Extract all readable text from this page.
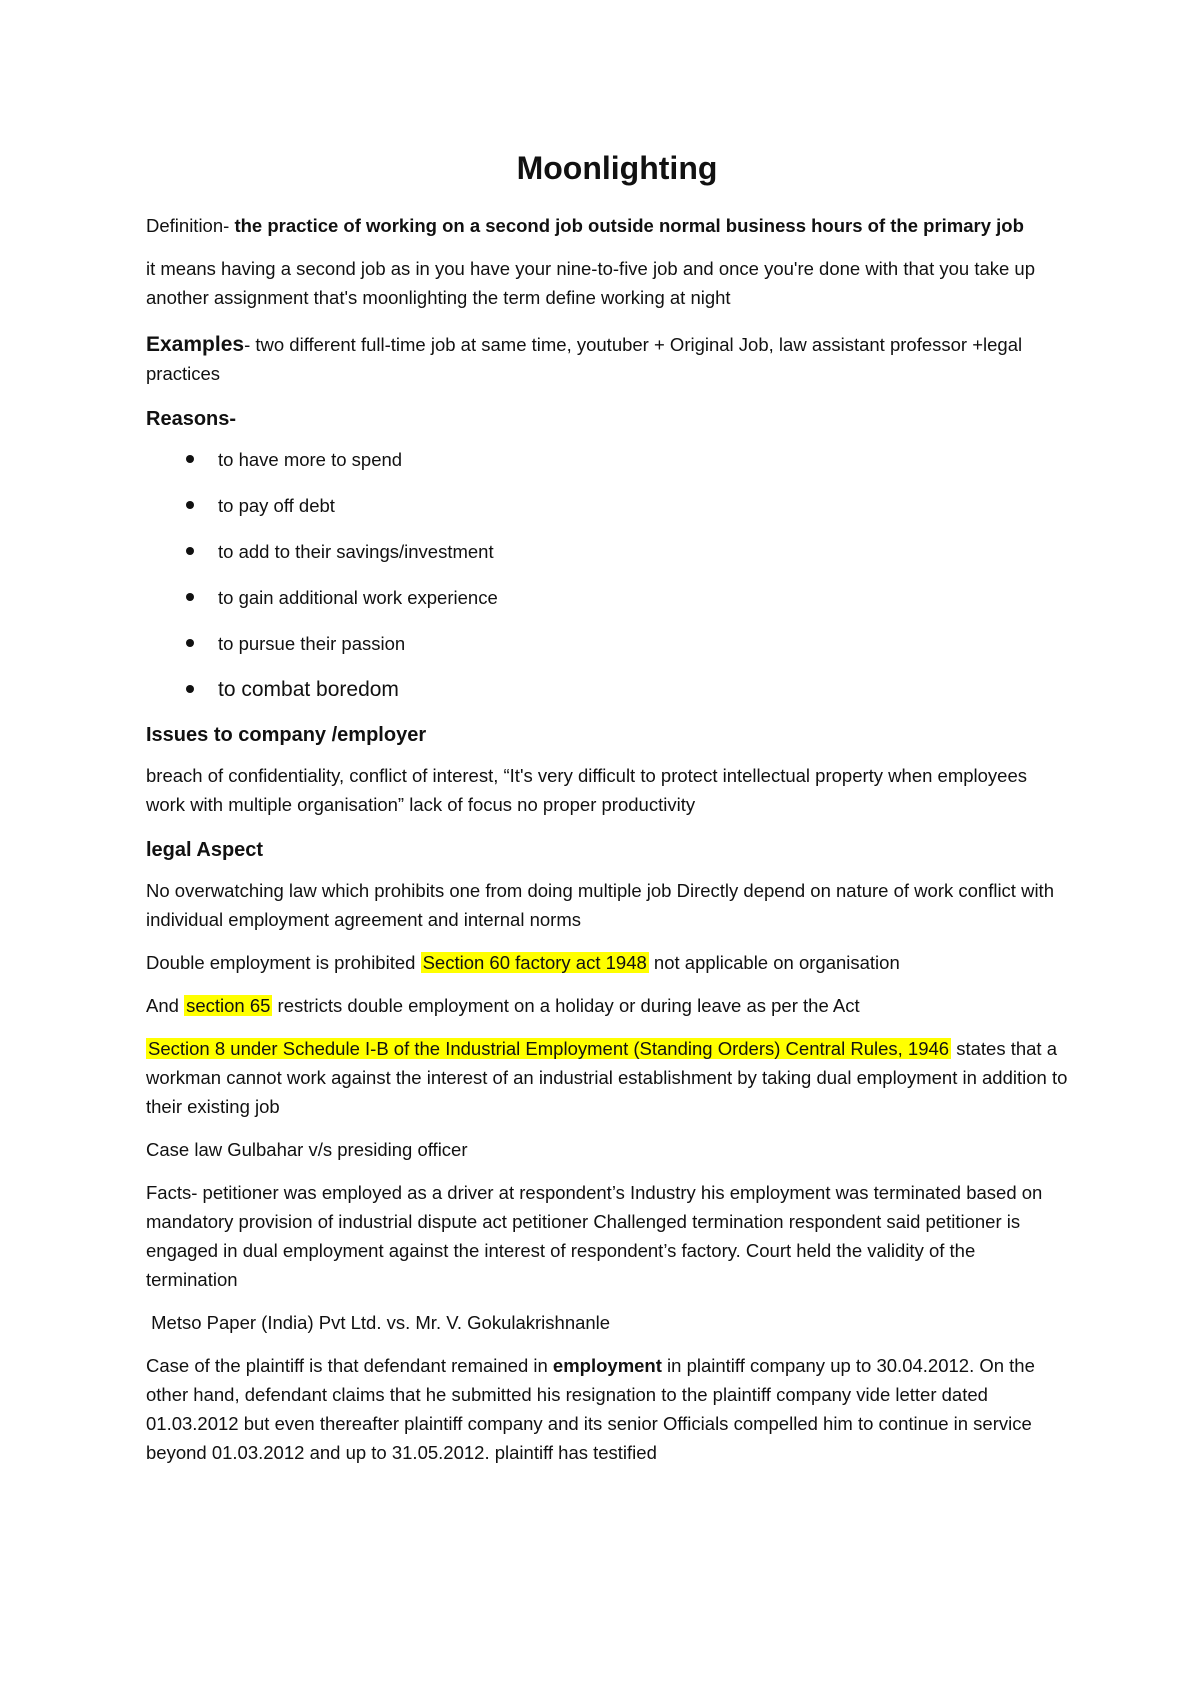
Moonlighting

Definition- the practice of working on a second job outside normal business hours of the primary job

it means having a second job as in you have your nine-to-five job and once you're done with that you take up another assignment that's moonlighting the term define working at night

Examples- two different full-time job at same time, youtuber + Original Job, law assistant professor +legal practices

Reasons-
to have more to spend
to pay off debt
to add to their savings/investment
to gain additional work experience
to pursue their passion
to combat boredom
Issues to company /employer

breach of confidentiality, conflict of interest, “It's very difficult to protect intellectual property when employees work with multiple organisation” lack of focus no proper productivity

legal Aspect

No overwatching law which prohibits one from doing multiple job Directly depend on nature of work conflict with individual employment agreement and internal norms

Double employment is prohibited Section 60 factory act 1948 not applicable on organisation

And section 65 restricts double employment on a holiday or during leave as per the Act

Section 8 under Schedule I-B of the Industrial Employment (Standing Orders) Central Rules, 1946 states that a workman cannot work against the interest of an industrial establishment by taking dual employment in addition to their existing job

Case law Gulbahar v/s presiding officer

Facts- petitioner was employed as a driver at respondent’s Industry his employment was terminated based on mandatory provision of industrial dispute act petitioner Challenged termination respondent said petitioner is engaged in dual employment against the interest of respondent’s factory. Court held the validity of the termination

Metso Paper (India) Pvt Ltd. vs. Mr. V. Gokulakrishnanle

Case of the plaintiff is that defendant remained in employment in plaintiff company up to 30.04.2012. On the other hand, defendant claims that he submitted his resignation to the plaintiff company vide letter dated 01.03.2012 but even thereafter plaintiff company and its senior Officials compelled him to continue in service beyond 01.03.2012 and up to 31.05.2012. plaintiff has testified
